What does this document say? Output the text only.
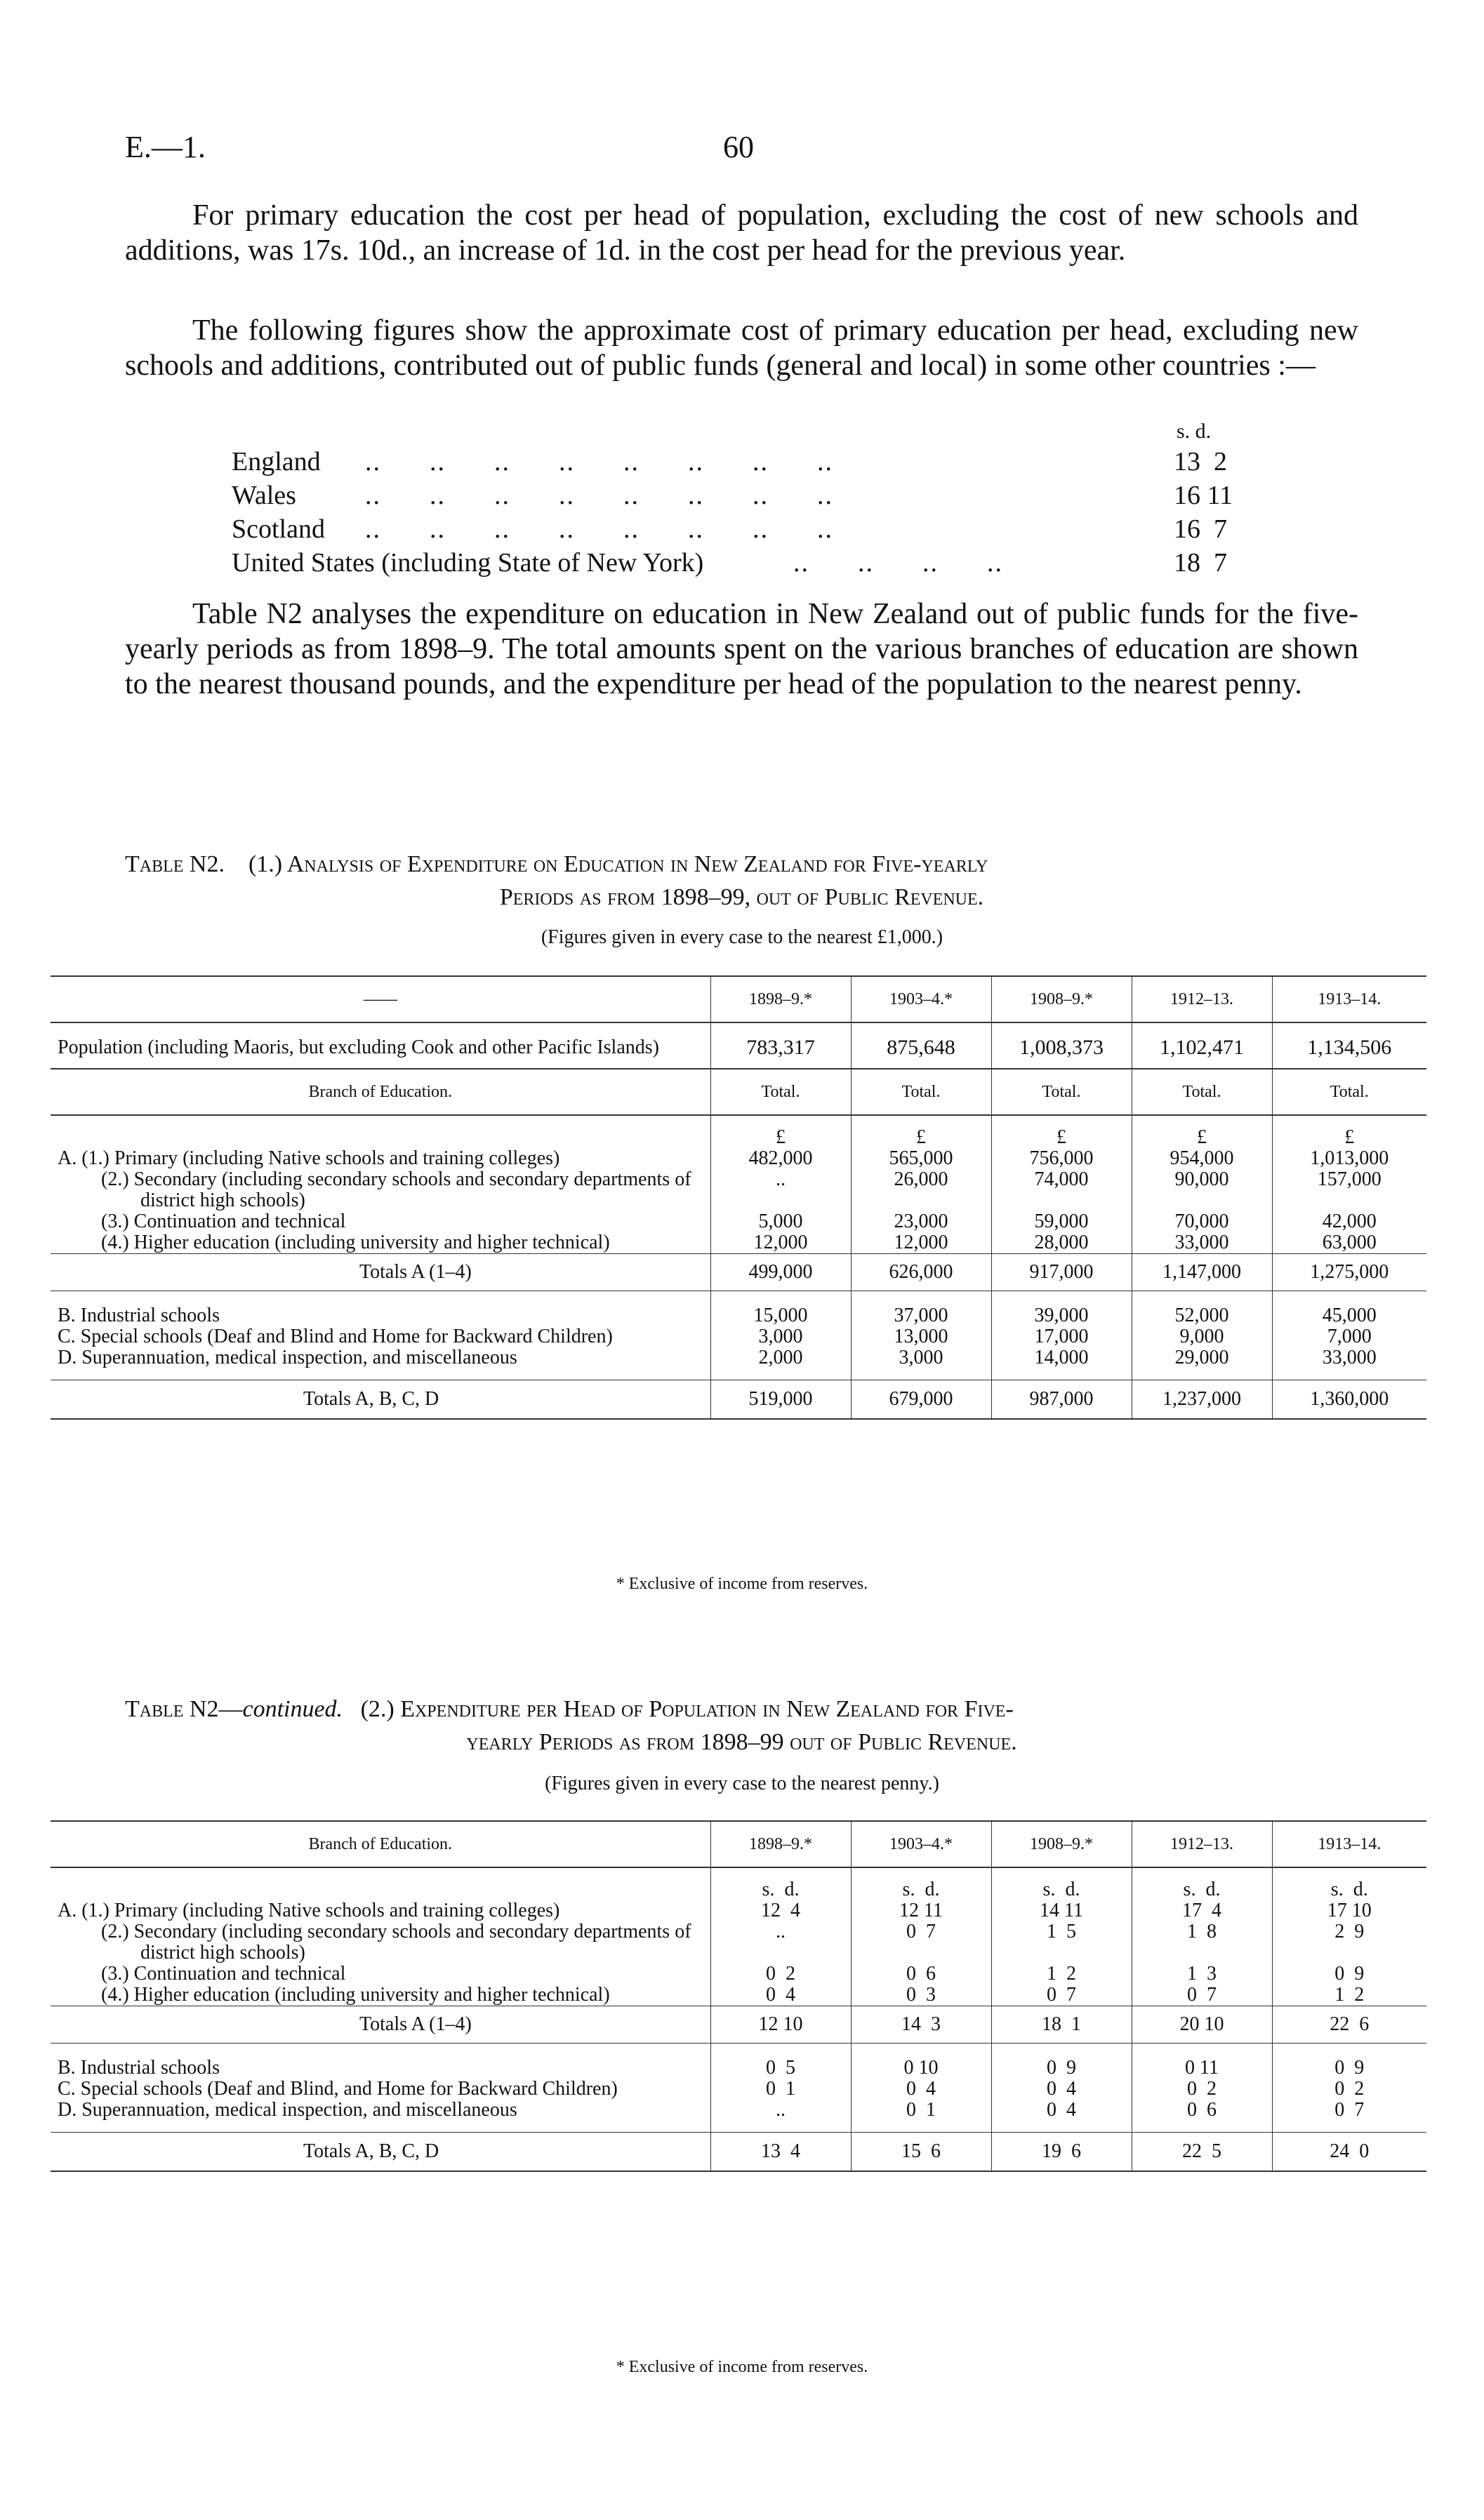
E.—1.	60

For primary education the cost per head of population, excluding the cost of new schools and additions, was 17s. 10d., an increase of 1d. in the cost per head for the previous year.

The following figures show the approximate cost of primary education per head, excluding new schools and additions, contributed out of public funds (general and local) in some other countries :—

s. d.
England ..      ..      ..      ..      ..      ..      ..      ..	13  2
Wales	..      ..      ..      ..      ..      ..      ..      ..	16 11
Scotland ..      ..      ..      ..      ..      ..      ..      ..	16  7
United States (including State of New York)	..      ..      ..      ..	18  7

Table N2 analyses the expenditure on education in New Zealand out of public funds for the five-yearly periods as from 1898–9. The total amounts spent on the various branches of education are shown to the nearest thousand pounds, and the expenditure per head of the population to the nearest penny.

Table N2. (1.) Analysis of Expenditure on Education in New Zealand for Five-yearly
Periods as from 1898–99, out of Public Revenue.

(Figures given in every case to the nearest £1,000.)
——	1898–9.*	1903–4.*	1908–9.*	1912–13.	1913–14.

Population (including Maoris, but excluding Cook and other Pacific Islands)	783,317	875,648	1,008,373	1,102,471	1,134,506
Branch of Education.	Total.	Total.	Total.	Total.	Total.
	£	£	£	£	£

A. (1.) Primary (including Native schools and training colleges)	482,000	565,000	756,000	954,000	1,013,000

(2.) Secondary (including secondary schools and secondary departments of district high schools)	..	26,000	74,000	90,000	157,000

(3.) Continuation and technical	5,000	23,000	59,000	70,000	42,000

(4.) Higher education (including university and higher technical)	12,000	12,000	28,000	33,000	63,000
Totals A (1–4)	499,000	626,000	917,000	1,147,000	1,275,000

B. Industrial schools	15,000	37,000	39,000	52,000	45,000

C. Special schools (Deaf and Blind and Home for Backward Children)	3,000	13,000	17,000	9,000	7,000

D. Superannuation, medical inspection, and miscellaneous	2,000	3,000	14,000	29,000	33,000
Totals A, B, C, D	519,000	679,000	987,000	1,237,000	1,360,000

* Exclusive of income from reserves.

Table N2—continued. (2.) Expenditure per Head of Population in New Zealand for Five-
yearly Periods as from 1898–99 out of Public Revenue.

(Figures given in every case to the nearest penny.)
Branch of Education.	1898–9.*	1903–4.*	1908–9.*	1912–13.	1913–14.
	s.  d.	s.  d.	s.  d.	s.  d.	s.  d.

A. (1.) Primary (including Native schools and training colleges)	12  4	12 11	14 11	17  4	17 10

(2.) Secondary (including secondary schools and secondary departments of district high schools)	..	0  7	1  5	1  8	2  9

(3.) Continuation and technical	0  2	0  6	1  2	1  3	0  9

(4.) Higher education (including university and higher technical)	0  4	0  3	0  7	0  7	1  2
Totals A (1–4)	12 10	14  3	18  1	20 10	22  6

B. Industrial schools	0  5	0 10	0  9	0 11	0  9

C. Special schools (Deaf and Blind, and Home for Backward Children)	0  1	0  4	0  4	0  2	0  2

D. Superannuation, medical inspection, and miscellaneous	..	0  1	0  4	0  6	0  7
Totals A, B, C, D	13  4	15  6	19  6	22  5	24  0

* Exclusive of income from reserves.
